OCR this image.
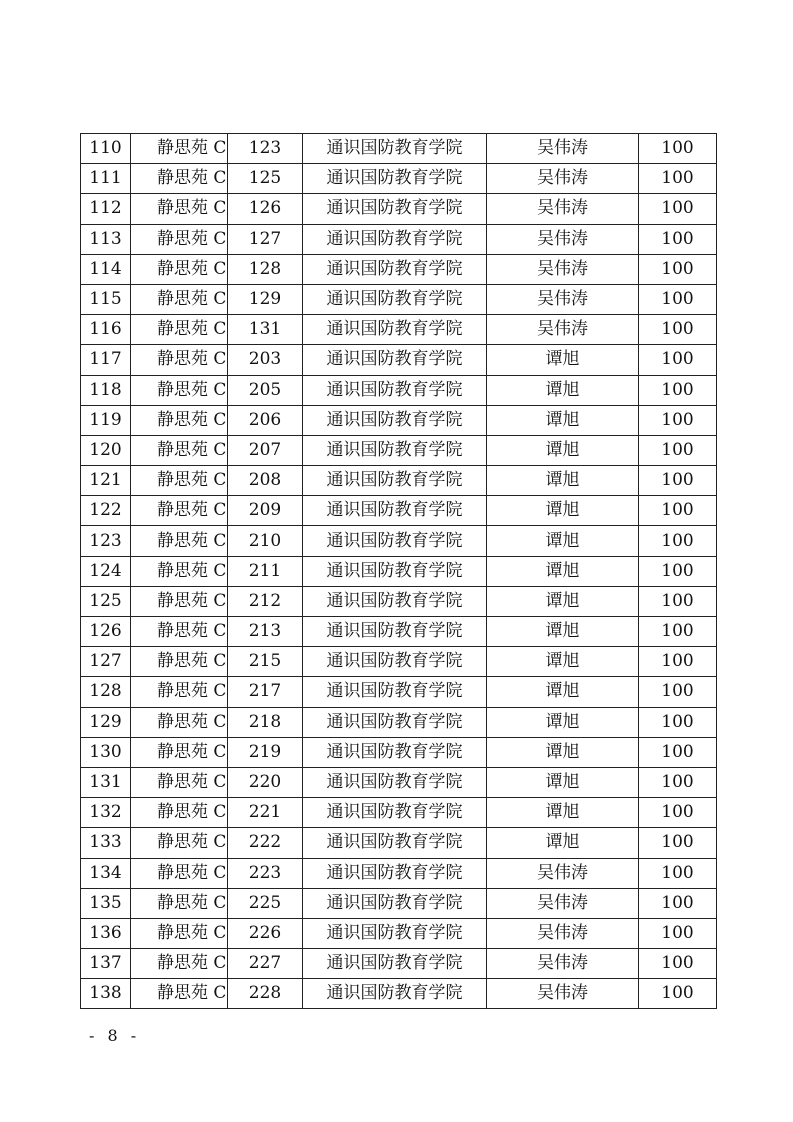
110	静思苑 C	123	通识国防教育学院	吴伟涛	100
111	静思苑 C	125	通识国防教育学院	吴伟涛	100
112	静思苑 C	126	通识国防教育学院	吴伟涛	100
113	静思苑 C	127	通识国防教育学院	吴伟涛	100
114	静思苑 C	128	通识国防教育学院	吴伟涛	100
115	静思苑 C	129	通识国防教育学院	吴伟涛	100
116	静思苑 C	131	通识国防教育学院	吴伟涛	100
117	静思苑 C	203	通识国防教育学院	谭旭	100
118	静思苑 C	205	通识国防教育学院	谭旭	100
119	静思苑 C	206	通识国防教育学院	谭旭	100
120	静思苑 C	207	通识国防教育学院	谭旭	100
121	静思苑 C	208	通识国防教育学院	谭旭	100
122	静思苑 C	209	通识国防教育学院	谭旭	100
123	静思苑 C	210	通识国防教育学院	谭旭	100
124	静思苑 C	211	通识国防教育学院	谭旭	100
125	静思苑 C	212	通识国防教育学院	谭旭	100
126	静思苑 C	213	通识国防教育学院	谭旭	100
127	静思苑 C	215	通识国防教育学院	谭旭	100
128	静思苑 C	217	通识国防教育学院	谭旭	100
129	静思苑 C	218	通识国防教育学院	谭旭	100
130	静思苑 C	219	通识国防教育学院	谭旭	100
131	静思苑 C	220	通识国防教育学院	谭旭	100
132	静思苑 C	221	通识国防教育学院	谭旭	100
133	静思苑 C	222	通识国防教育学院	谭旭	100
134	静思苑 C	223	通识国防教育学院	吴伟涛	100
135	静思苑 C	225	通识国防教育学院	吴伟涛	100
136	静思苑 C	226	通识国防教育学院	吴伟涛	100
137	静思苑 C	227	通识国防教育学院	吴伟涛	100
138	静思苑 C	228	通识国防教育学院	吴伟涛	100
- 8 -
